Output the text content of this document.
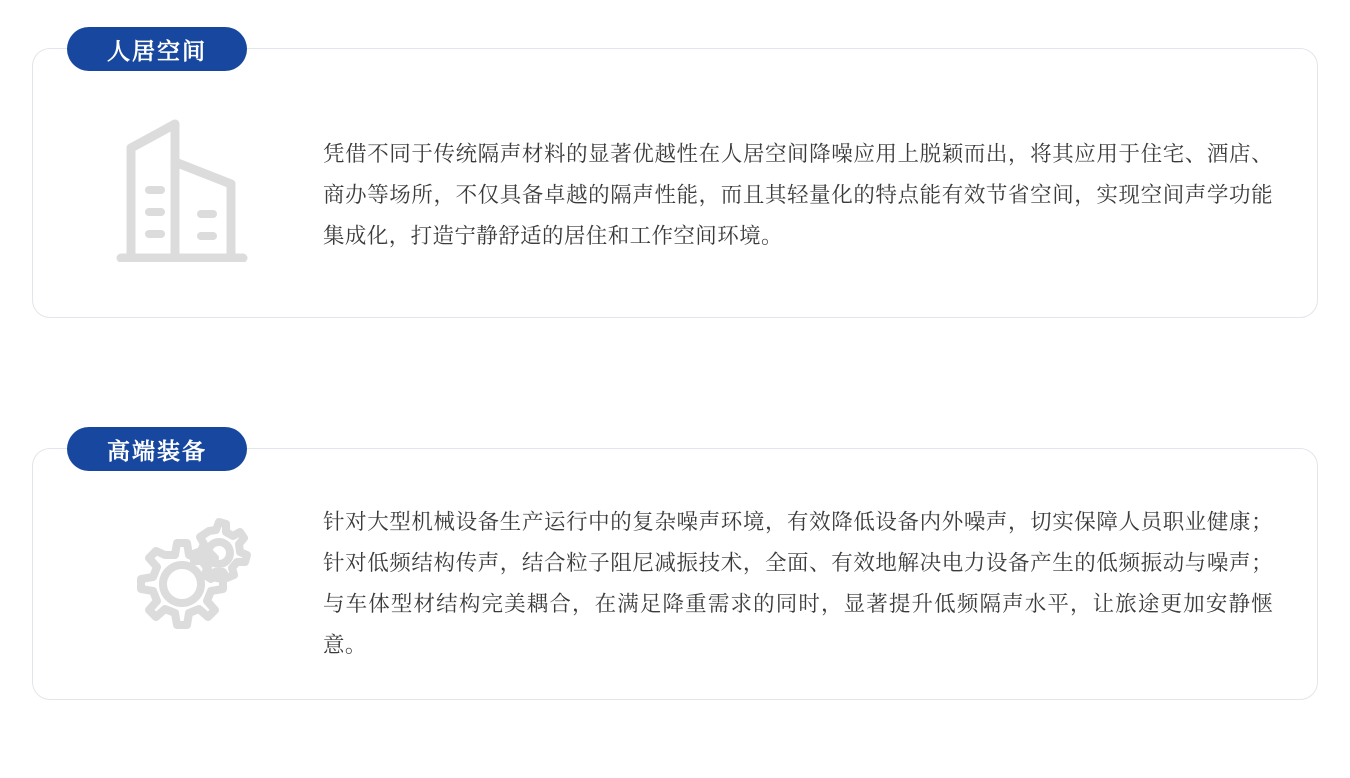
人居空间

凭借不同于传统隔声材料的显著优越性在人居空间降噪应用上脱颖而出，将其应用于住宅、酒店、商办等场所，不仅具备卓越的隔声性能，而且其轻量化的特点能有效节省空间，实现空间声学功能集成化，打造宁静舒适的居住和工作空间环境。

高端装备

针对大型机械设备生产运行中的复杂噪声环境，有效降低设备内外噪声，切实保障人员职业健康；针对低频结构传声，结合粒子阻尼减振技术，全面、有效地解决电力设备产生的低频振动与噪声；与车体型材结构完美耦合，在满足降重需求的同时，显著提升低频隔声水平，让旅途更加安静惬意。
